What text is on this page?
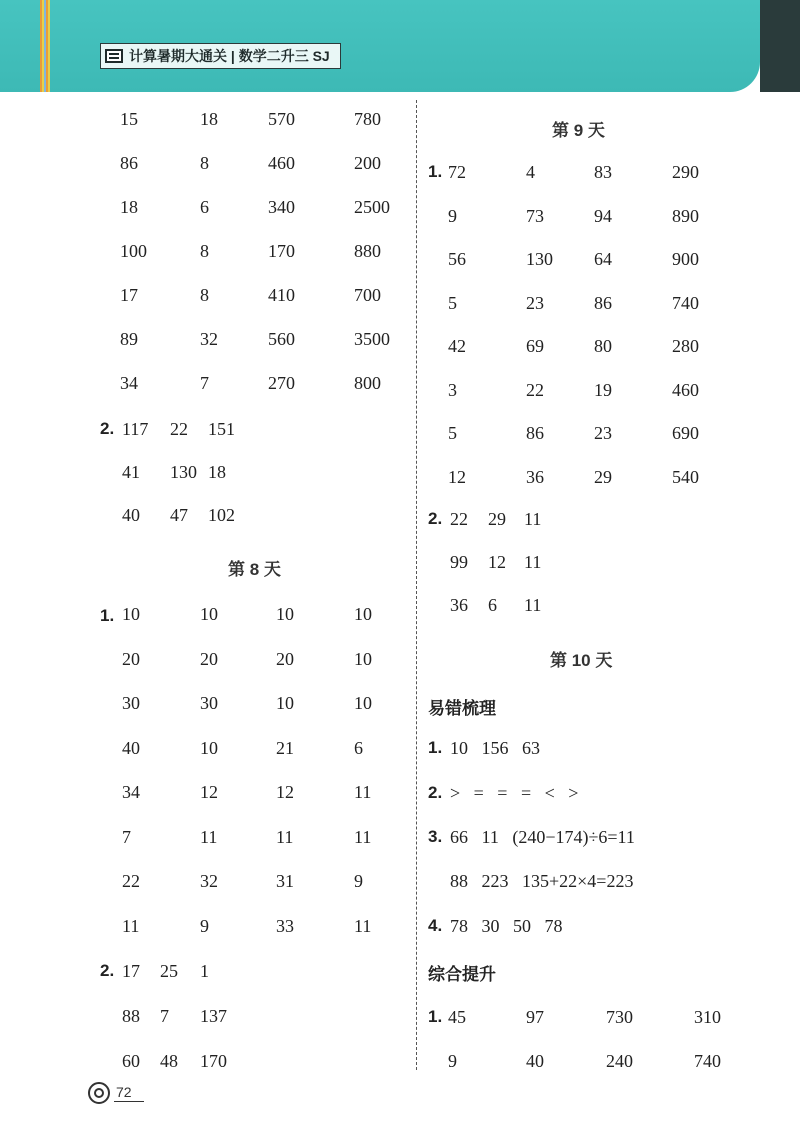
计算暑期大通关 | 数学二升三 SJ
15	18	570	780
86	8	460	200
18	6	340	2500
100	8	170	880
17	8	410	700
89	32	560	3500
34	7	270	800
2. 117 22 151
41 130 18
40 47 102
第 8 天
1. 10	10	10	10
20	20	20	10
30	30	10	10
40	10	21	6
34	12	12	11
7	11	11	11
22	32	31	9
11	9	33	11
2. 17 25 1
88 7 137
60 48 170
第 9 天
1. 72	4	83	290
9	73	94	890
56	130 64	900
5	23	86	740
42	69	80	280
3	22	19	460
5	86	23	690
12	36	29	540
2. 22 29 11
99 12 11
36 6 11
第 10 天
易错梳理
1. 10   156   63
2. >   =   =   =   <   >
3. 66   11   (240−174)÷6=11
88   223   135+22×4=223
4. 78   30   50   78
综合提升
1. 45	97	730	310
9	40	240	740
72
